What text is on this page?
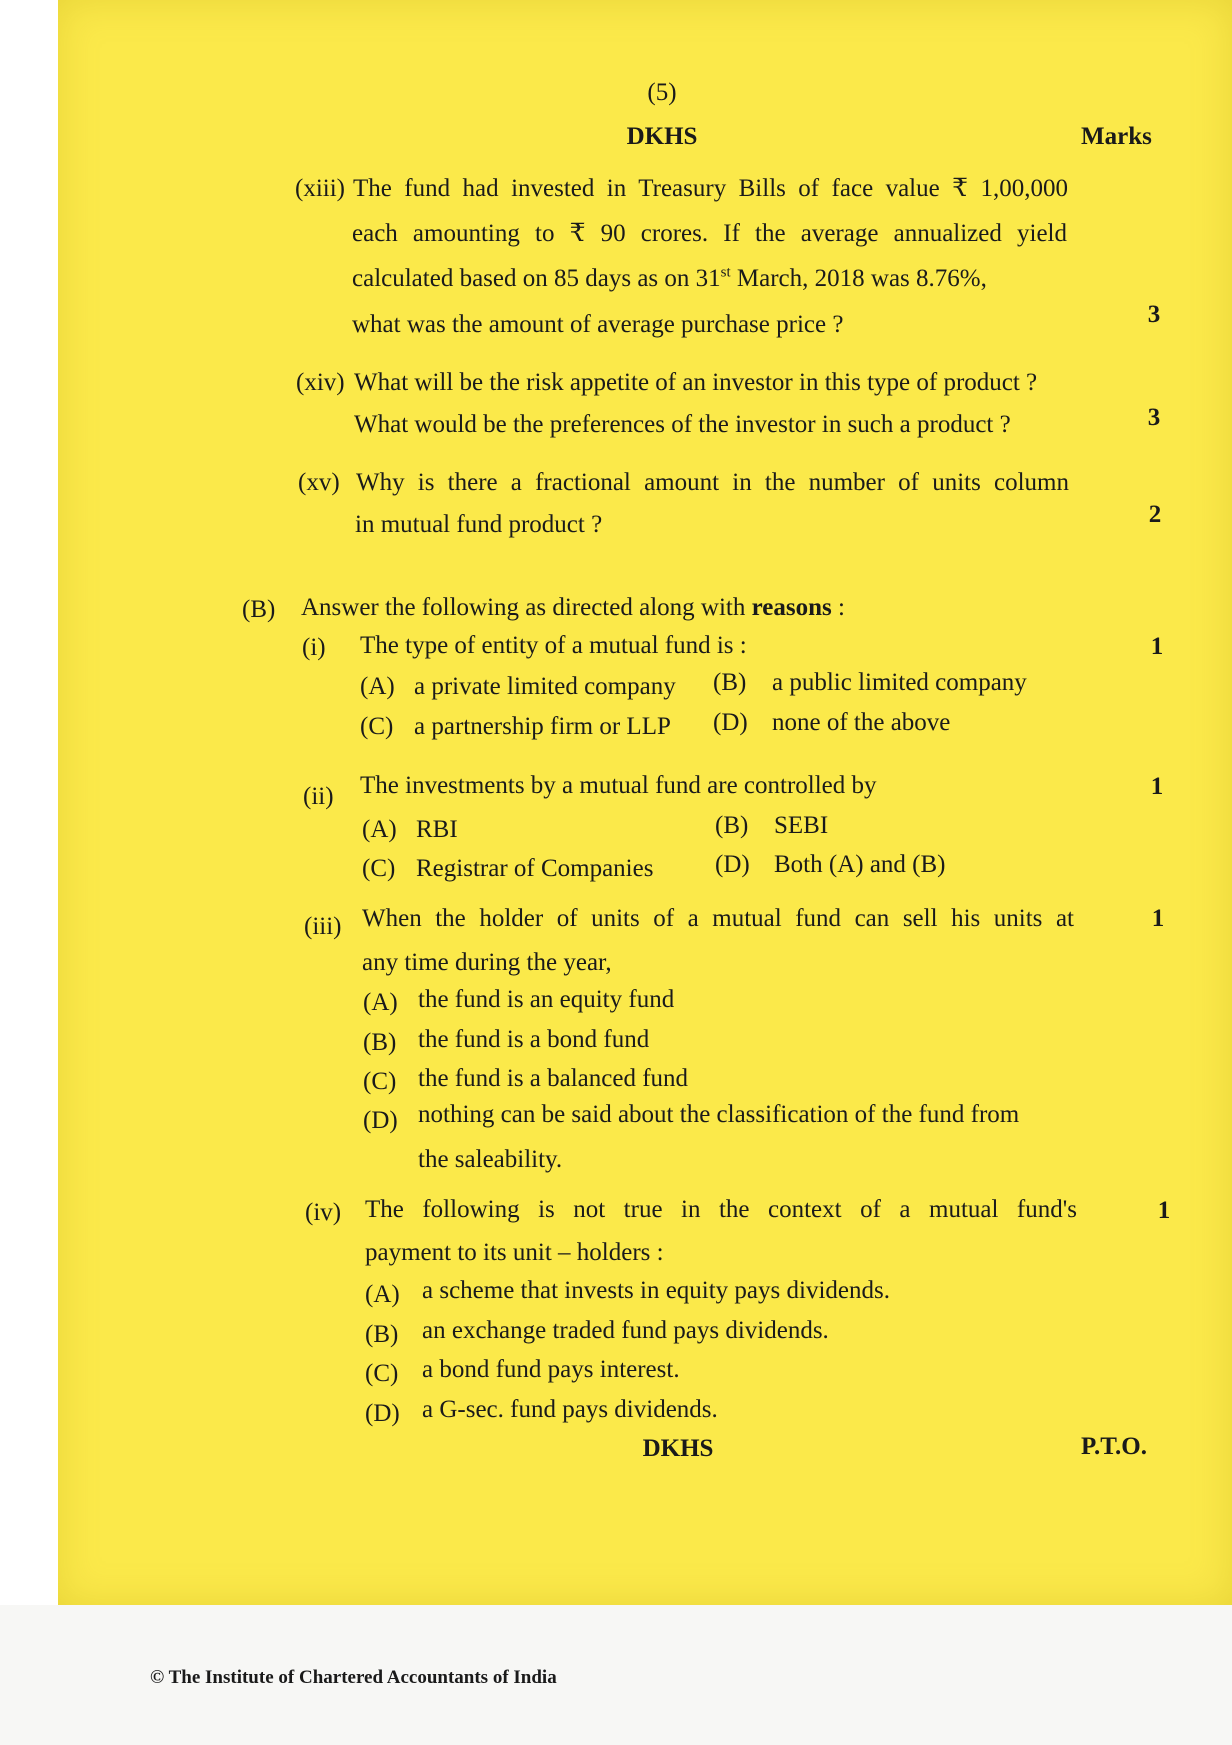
(5)
DKHS	Marks
(xiii) The fund had invested in Treasury Bills of face value ₹ 1,00,000
each amounting to ₹ 90 crores. If the average annualized yield
calculated based on 85 days as on 31st March, 2018 was 8.76%,
what was the amount of average purchase price ?	3
(xiv) What will be the risk appetite of an investor in this type of product ?
What would be the preferences of the investor in such a product ?	3
(xv) Why is there a fractional amount in the number of units column
in mutual fund product ?	2
(B) Answer the following as directed along with reasons :
(i) The type of entity of a mutual fund is :	1
(A) a private limited company (B) a public limited company
(C) a partnership firm or LLP (D) none of the above
(ii) The investments by a mutual fund are controlled by	1
(A) RBI	(B) SEBI
(C) Registrar of Companies (D) Both (A) and (B)
(iii) When the holder of units of a mutual fund can sell his units at
any time during the year,
1
(A) the fund is an equity fund
(B) the fund is a bond fund
(C) the fund is a balanced fund
(D) nothing can be said about the classification of the fund from
the saleability.
(iv) The following is not true in the context of a mutual fund's
payment to its unit – holders :
1
(A) a scheme that invests in equity pays dividends.
(B) an exchange traded fund pays dividends.
(C) a bond fund pays interest.
(D) a G-sec. fund pays dividends.
DKHS	P.T.O.
© The Institute of Chartered Accountants of India
